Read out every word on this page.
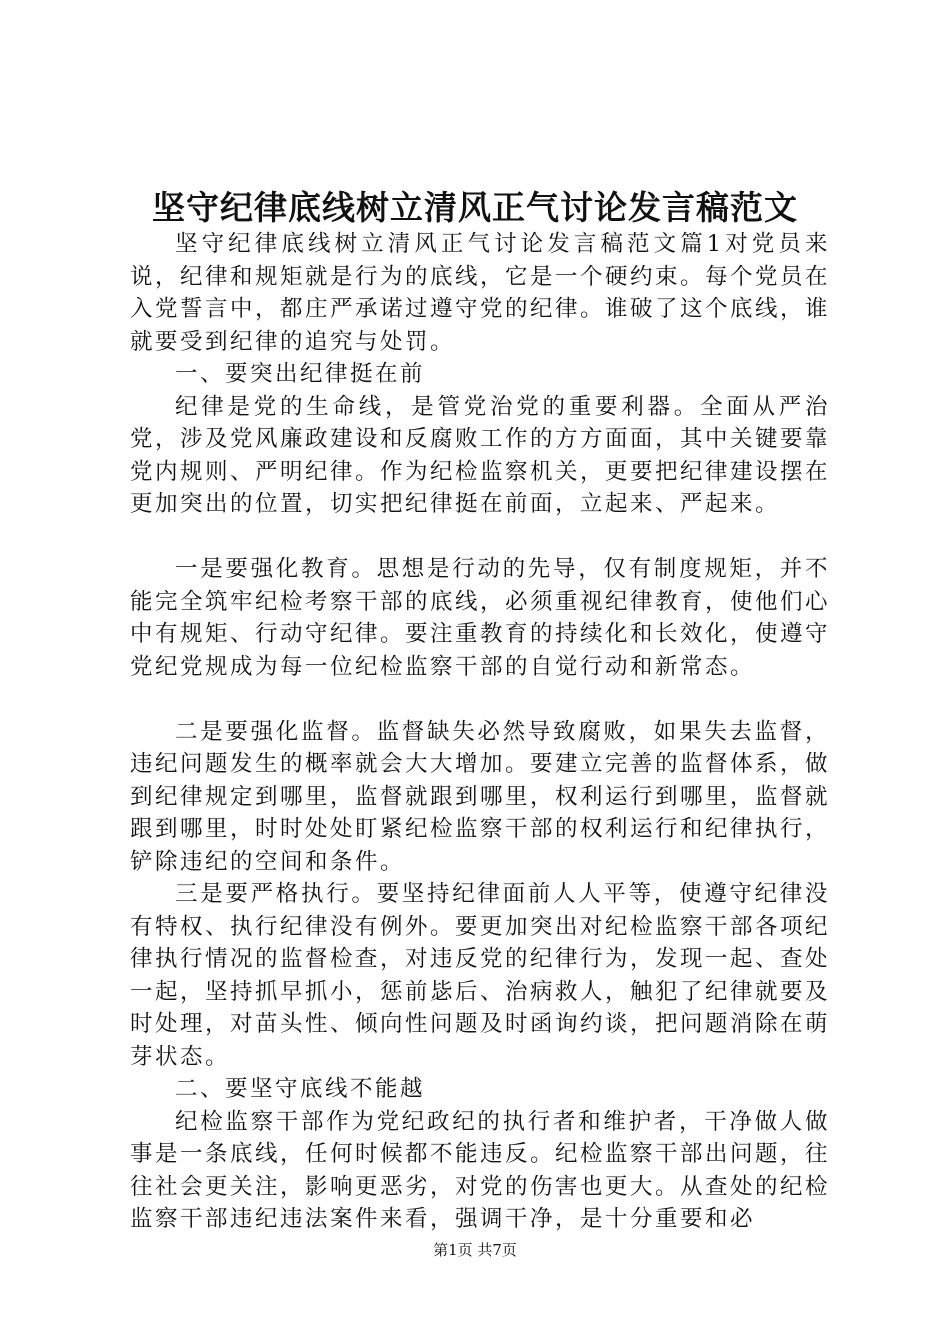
坚守纪律底线树立清风正气讨论发言稿范文

坚守纪律底线树立清风正气讨论发言稿范文篇1对党员来说，纪律和规矩就是行为的底线，它是一个硬约束。每个党员在入党誓言中，都庄严承诺过遵守党的纪律。谁破了这个底线，谁就要受到纪律的追究与处罚。

一、要突出纪律挺在前

纪律是党的生命线，是管党治党的重要利器。全面从严治党，涉及党风廉政建设和反腐败工作的方方面面，其中关键要靠党内规则、严明纪律。作为纪检监察机关，更要把纪律建设摆在更加突出的位置，切实把纪律挺在前面，立起来、严起来。

一是要强化教育。思想是行动的先导，仅有制度规矩，并不能完全筑牢纪检考察干部的底线，必须重视纪律教育，使他们心中有规矩、行动守纪律。要注重教育的持续化和长效化，使遵守党纪党规成为每一位纪检监察干部的自觉行动和新常态。

二是要强化监督。监督缺失必然导致腐败，如果失去监督，违纪问题发生的概率就会大大增加。要建立完善的监督体系，做到纪律规定到哪里，监督就跟到哪里，权利运行到哪里，监督就跟到哪里，时时处处盯紧纪检监察干部的权利运行和纪律执行，铲除违纪的空间和条件。

三是要严格执行。要坚持纪律面前人人平等，使遵守纪律没有特权、执行纪律没有例外。要更加突出对纪检监察干部各项纪律执行情况的监督检查，对违反党的纪律行为，发现一起、查处一起，坚持抓早抓小，惩前毖后、治病救人，触犯了纪律就要及时处理，对苗头性、倾向性问题及时函询约谈，把问题消除在萌芽状态。

二、要坚守底线不能越

纪检监察干部作为党纪政纪的执行者和维护者，干净做人做事是一条底线，任何时候都不能违反。纪检监察干部出问题，往往社会更关注，影响更恶劣，对党的伤害也更大。从查处的纪检监察干部违纪违法案件来看，强调干净，是十分重要和必

第1页 共7页
